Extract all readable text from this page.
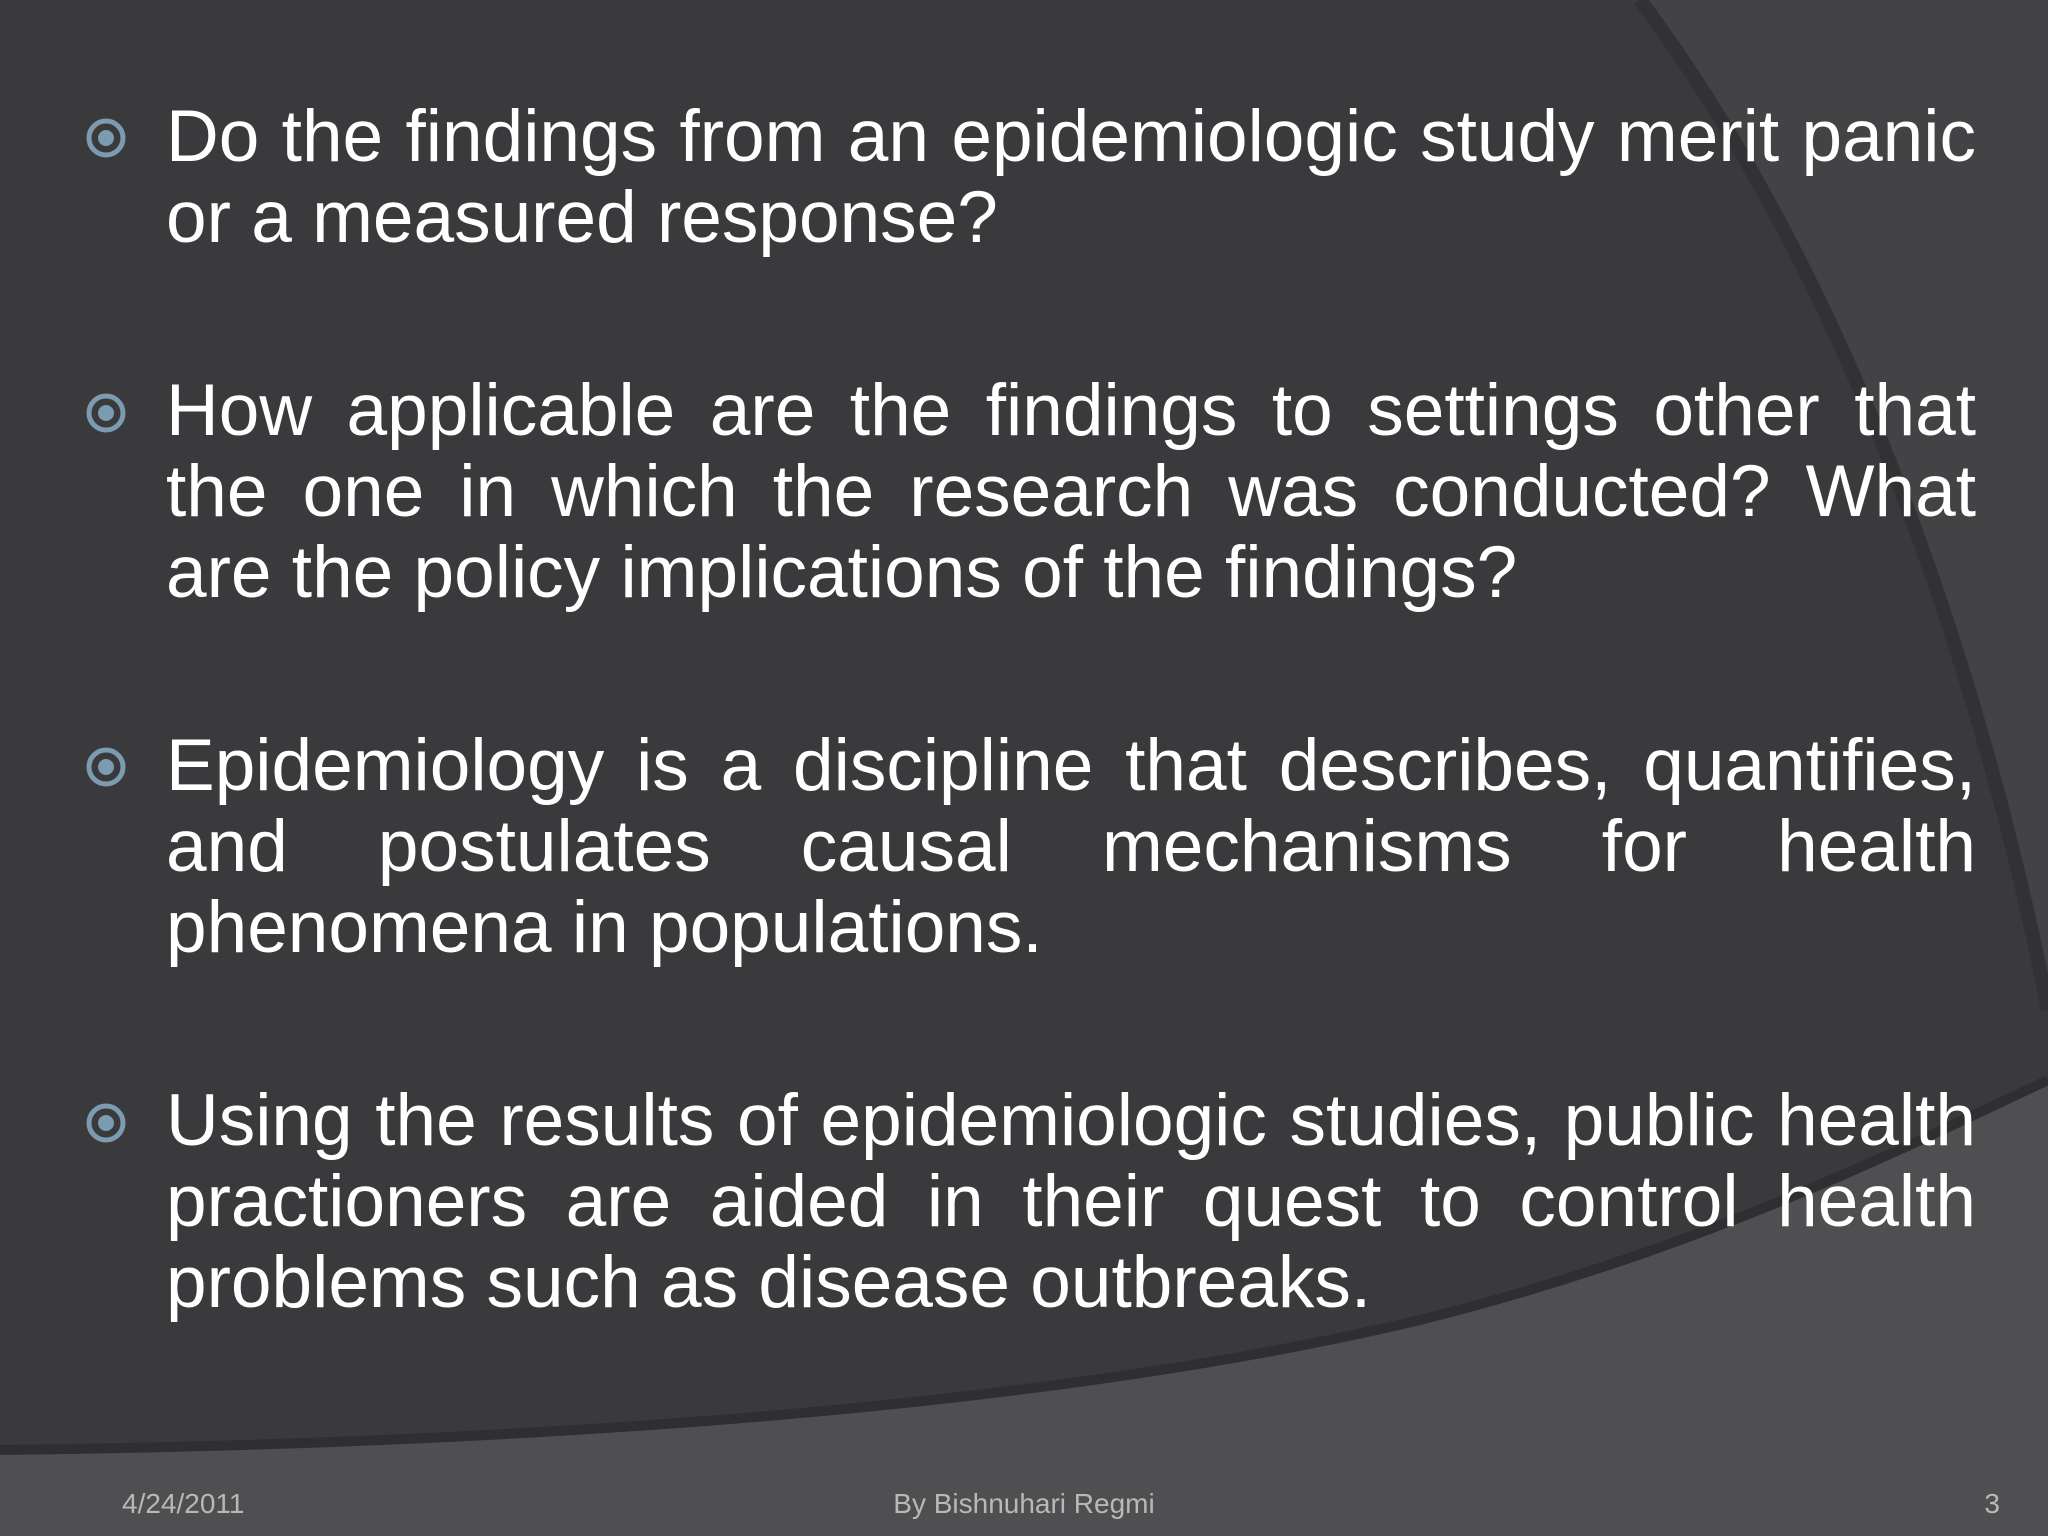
Do the findings from an epidemiologic study merit panic or a measured response?
How applicable are the findings to settings other that the one in which the research was conducted? What are the policy implications of the findings?
Epidemiology is a discipline that describes, quantifies, and postulates causal mechanisms for health phenomena in populations.
Using the results of epidemiologic studies, public health practioners are aided in their quest to control health problems such as disease outbreaks.
4/24/2011	By Bishnuhari Regmi	3
